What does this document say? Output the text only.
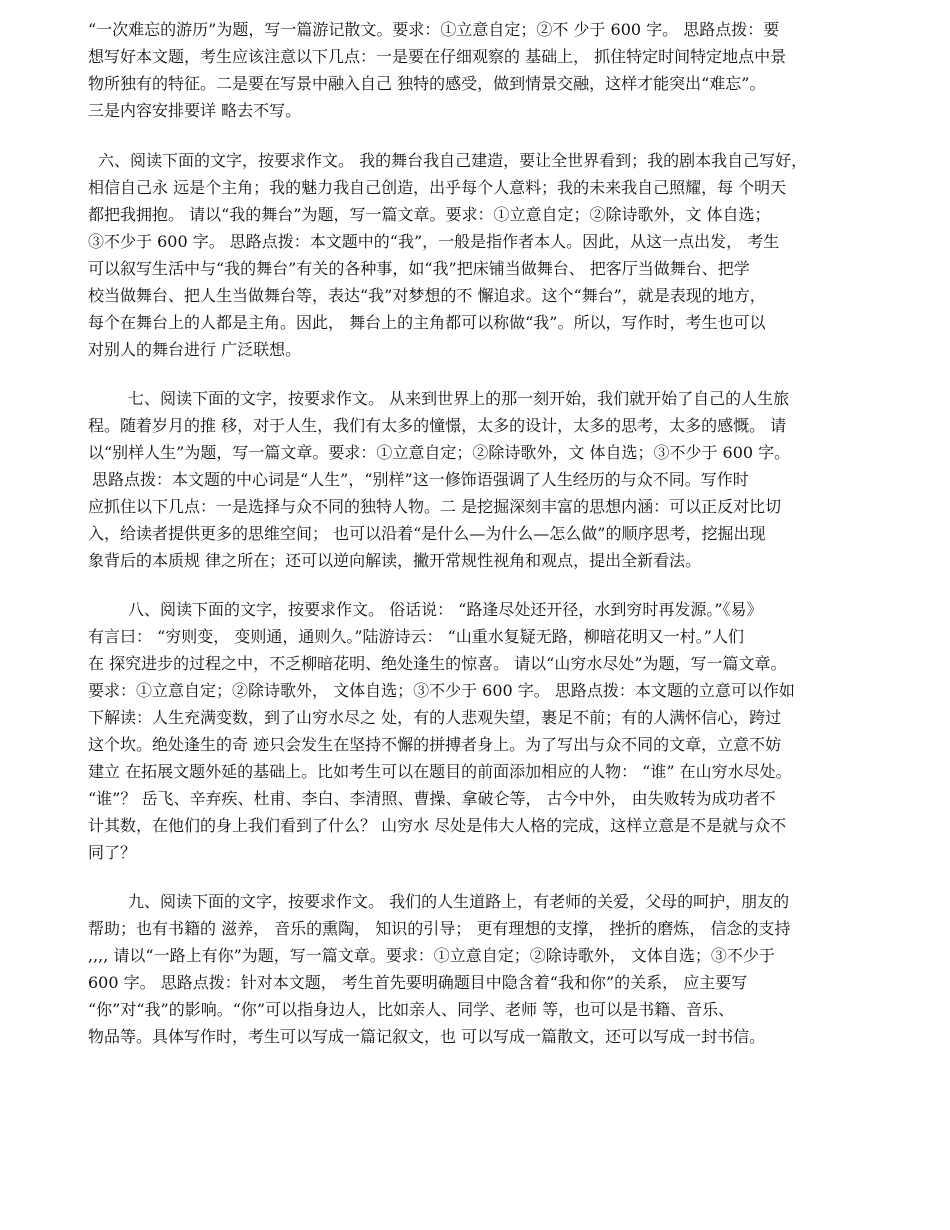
“一次难忘的游历”为题，写一篇游记散文。要求：①立意自定；②不 少于 600 字。 思路点拨：要
想写好本文题，考生应该注意以下几点：一是要在仔细观察的 基础上， 抓住特定时间特定地点中景
物所独有的特征。二是要在写景中融入自己 独特的感受，做到情景交融，这样才能突出“难忘”。
三是内容安排要详 略去不写。

六、阅读下面的文字，按要求作文。 我的舞台我自己建造，要让全世界看到；我的剧本我自己写好，
相信自己永 远是个主角；我的魅力我自己创造，出乎每个人意料；我的未来我自己照耀，每 个明天
都把我拥抱。 请以“我的舞台”为题，写一篇文章。要求：①立意自定；②除诗歌外，文 体自选；
③不少于 600 字。 思路点拨：本文题中的“我”，一般是指作者本人。因此，从这一点出发， 考生
可以叙写生活中与“我的舞台”有关的各种事，如“我”把床铺当做舞台、 把客厅当做舞台、把学
校当做舞台、把人生当做舞台等，表达“我”对梦想的不 懈追求。这个“舞台”，就是表现的地方，
每个在舞台上的人都是主角。因此， 舞台上的主角都可以称做“我”。所以，写作时，考生也可以
对别人的舞台进行 广泛联想。

七、阅读下面的文字，按要求作文。 从来到世界上的那一刻开始，我们就开始了自己的人生旅
程。随着岁月的推 移，对于人生，我们有太多的憧憬，太多的设计，太多的思考，太多的感慨。 请
以“别样人生”为题，写一篇文章。要求：①立意自定；②除诗歌外，文 体自选；③不少于 600 字。
思路点拨：本文题的中心词是“人生”，“别样”这一修饰语强调了人生经历的与众不同。写作时
应抓住以下几点：一是选择与众不同的独特人物。二 是挖掘深刻丰富的思想内涵：可以正反对比切
入，给读者提供更多的思维空间； 也可以沿着“是什么—为什么—怎么做”的顺序思考，挖掘出现
象背后的本质规 律之所在；还可以逆向解读，撇开常规性视角和观点，提出全新看法。

八、阅读下面的文字，按要求作文。 俗话说： “路逢尽处还开径，水到穷时再发源。”《易》
有言曰： “穷则变， 变则通，通则久。”陆游诗云： “山重水复疑无路，柳暗花明又一村。”人们
在 探究进步的过程之中，不乏柳暗花明、绝处逢生的惊喜。 请以“山穷水尽处”为题，写一篇文章。
要求：①立意自定；②除诗歌外， 文体自选；③不少于 600 字。 思路点拨：本文题的立意可以作如
下解读：人生充满变数，到了山穷水尽之 处，有的人悲观失望，裹足不前；有的人满怀信心，跨过
这个坎。绝处逢生的奇 迹只会发生在坚持不懈的拼搏者身上。为了写出与众不同的文章，立意不妨
建立 在拓展文题外延的基础上。比如考生可以在题目的前面添加相应的人物： “谁” 在山穷水尽处。
“谁”？ 岳飞、辛弃疾、杜甫、李白、李清照、曹操、拿破仑等， 古今中外， 由失败转为成功者不
计其数，在他们的身上我们看到了什么？ 山穷水 尽处是伟大人格的完成，这样立意是不是就与众不
同了？

九、阅读下面的文字，按要求作文。 我们的人生道路上，有老师的关爱，父母的呵护，朋友的
帮助；也有书籍的 滋养， 音乐的熏陶， 知识的引导； 更有理想的支撑， 挫折的磨炼， 信念的支持
,,,, 请以“一路上有你”为题，写一篇文章。要求：①立意自定；②除诗歌外， 文体自选；③不少于
600 字。 思路点拨：针对本文题， 考生首先要明确题目中隐含着“我和你”的关系， 应主要写
“你”对“我”的影响。“你”可以指身边人，比如亲人、同学、老师 等，也可以是书籍、音乐、
物品等。具体写作时，考生可以写成一篇记叙文，也 可以写成一篇散文，还可以写成一封书信。
